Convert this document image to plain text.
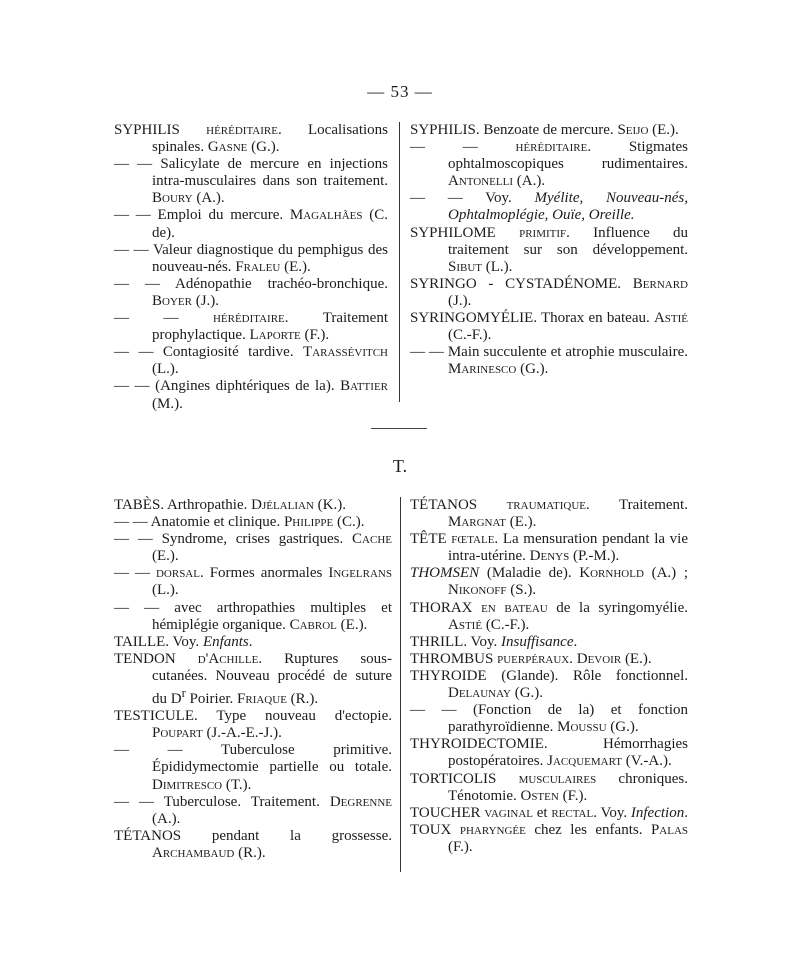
— 53 —

SYPHILIS héréditaire. Localisations spinales. Gasne (G.).

— — Salicylate de mercure en injections intra-musculaires dans son traitement. Boury (A.).

— — Emploi du mercure. Magalhães (C. de).

— — Valeur diagnostique du pemphigus des nouveau-nés. Fraleu (E.).

— — Adénopathie trachéo-bronchique. Boyer (J.).

— — héréditaire. Traitement prophylactique. Laporte (F.).

— — Contagiosité tardive. Tarassévitch (L.).

— — (Angines diphtériques de la). Battier (M.).

SYPHILIS. Benzoate de mercure. Seijo (E.).

— — héréditaire. Stigmates ophtalmoscopiques rudimentaires. Antonelli (A.).

— — Voy. Myélite, Nouveau-nés, Ophtalmoplégie, Ouïe, Oreille.

SYPHILOME primitif. Influence du traitement sur son développement. Sibut (L.).

SYRINGO - CYSTADÉNOME. Bernard (J.).

SYRINGOMYÉLIE. Thorax en bateau. Astié (C.-F.).

— — Main succulente et atrophie musculaire. Marinesco (G.).

T.

TABÈS. Arthropathie. Djélalian (K.).

— — Anatomie et clinique. Philippe (C.).

— — Syndrome, crises gastriques. Cache (E.).

— — dorsal. Formes anormales Ingelrans (L.).

— — avec arthropathies multiples et hémiplégie organique. Cabrol (E.).

TAILLE. Voy. Enfants.

TENDON d'Achille. Ruptures sous-cutanées. Nouveau procédé de suture du $D^r$ Poirier. Friaque (R.).

TESTICULE. Type nouveau d'ectopie. Poupart (J.-A.-E.-J.).

— — Tuberculose primitive. Épididymectomie partielle ou totale. Dimitresco (T.).

— — Tuberculose. Traitement. Degrenne (A.).

TÉTANOS pendant la grossesse. Archambaud (R.).

TÉTANOS traumatique. Traitement. Margnat (E.).

TÊTE fœtale. La mensuration pendant la vie intra-utérine. Denys (P.-M.).

THOMSEN (Maladie de). Kornhold (A.) ; Nikonoff (S.).

THORAX en bateau de la syringomyélie. Astié (C.-F.).

THRILL. Voy. Insuffisance.

THROMBUS puerpéraux. Devoir (E.).

THYROIDE (Glande). Rôle fonctionnel. Delaunay (G.).

— — (Fonction de la) et fonction parathyroïdienne. Moussu (G.).

THYROIDECTOMIE. Hémorrhagies postopératoires. Jacquemart (V.-A.).

TORTICOLIS musculaires chroniques. Ténotomie. Osten (F.).

TOUCHER vaginal et rectal. Voy. Infection.

TOUX pharyngée chez les enfants. Palas (F.).
